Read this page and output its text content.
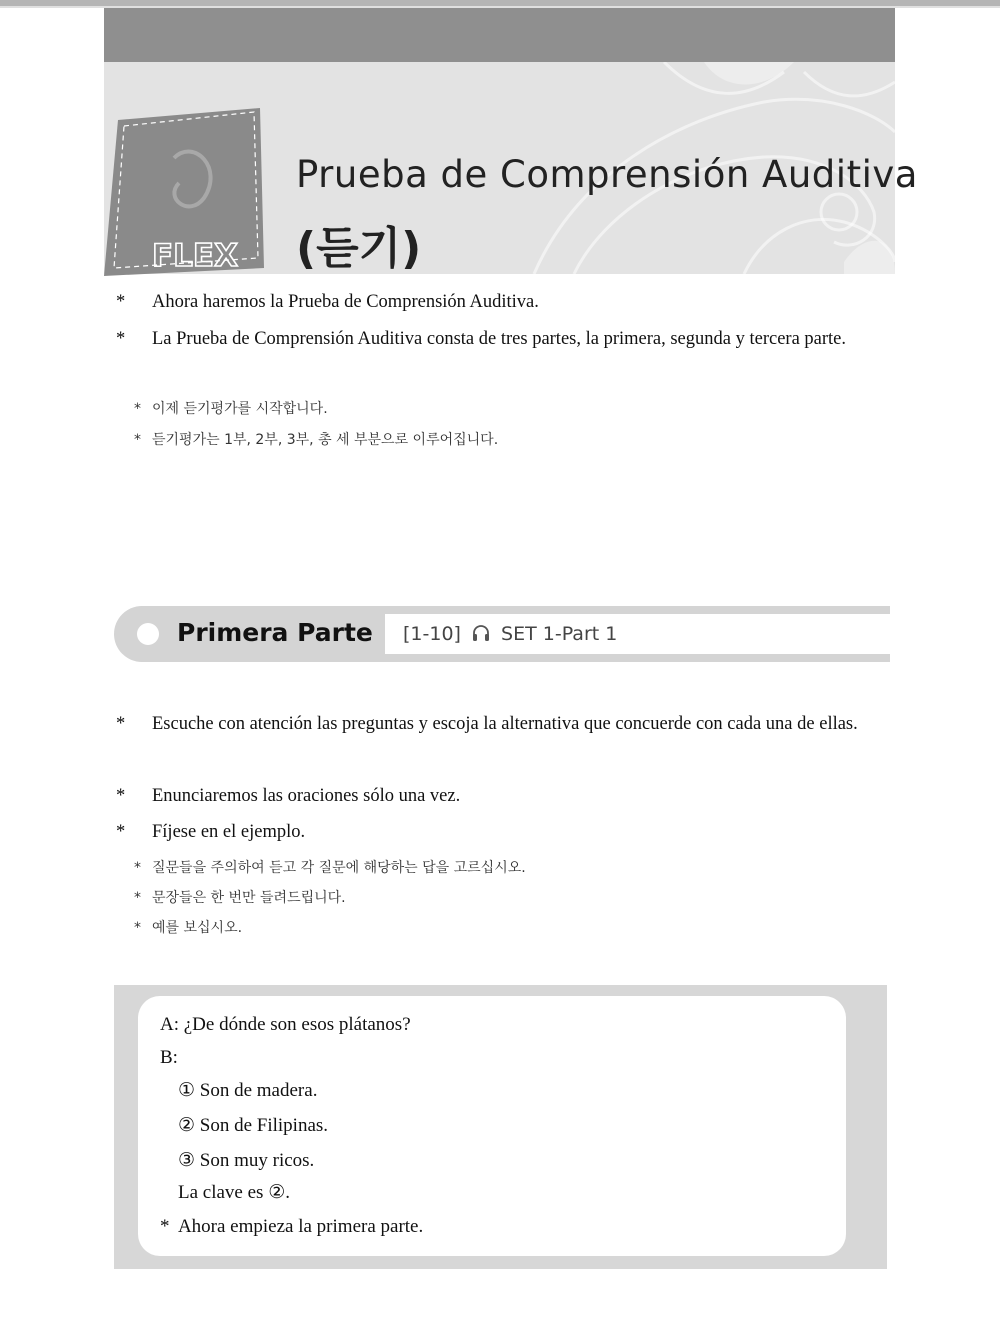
FLEX
Prueba de Comprensión Auditiva
(듣기)
* Ahora haremos la Prueba de Comprensión Auditiva.
* La Prueba de Comprensión Auditiva consta de tres partes, la primera, segunda y tercera parte.
* 이제 듣기평가를 시작합니다.
* 듣기평가는 1부, 2부, 3부, 총 세 부분으로 이루어집니다.
Primera Parte	[1-10] SET 1-Part 1
* Escuche con atención las preguntas y escoja la alternativa que concuerde con cada una de ellas.
* Enunciaremos las oraciones sólo una vez.
* Fíjese en el ejemplo.
* 질문들을 주의하여 듣고 각 질문에 해당하는 답을 고르십시오.
* 문장들은 한 번만 들려드립니다.
* 예를 보십시오.
A: ¿De dónde son esos plátanos?
B:
① Son de madera.
② Son de Filipinas.
③ Son muy ricos.
La clave es ②.
* Ahora empieza la primera parte.
